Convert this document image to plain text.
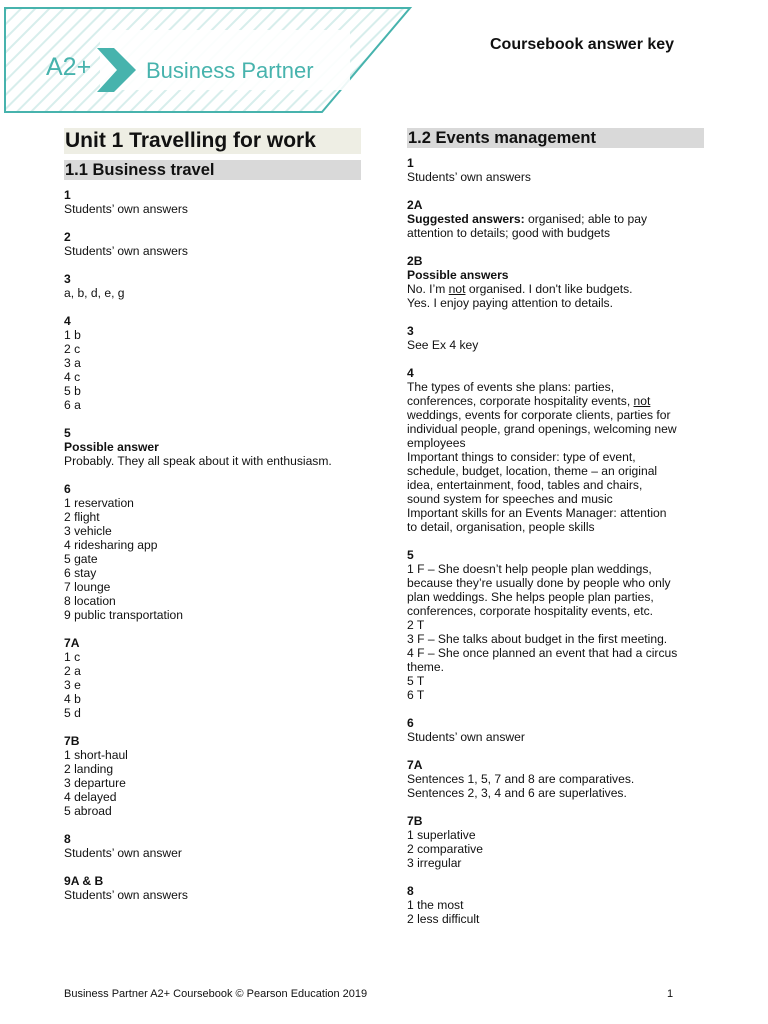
A2+ Business Partner
Coursebook answer key
Unit 1 Travelling for work
1.1 Business travel
1
Students’ own answers
2
Students’ own answers
3
a, b, d, e, g
4
1 b
2 c
3 a
4 c
5 b
6 a
5
Possible answer
Probably. They all speak about it with enthusiasm.
6
1 reservation
2 flight
3 vehicle
4 ridesharing app
5 gate
6 stay
7 lounge
8 location
9 public transportation
7A
1 c
2 a
3 e
4 b
5 d
7B
1 short-haul
2 landing
3 departure
4 delayed
5 abroad
8
Students’ own answer
9A & B
Students’ own answers
1.2 Events management
1
Students’ own answers
2A
Suggested answers: organised; able to pay
attention to details; good with budgets
2B
Possible answers
No. I’m not organised. I don't like budgets.
Yes. I enjoy paying attention to details.
3
See Ex 4 key
4
The types of events she plans: parties,
conferences, corporate hospitality events, not
weddings, events for corporate clients, parties for
individual people, grand openings, welcoming new
employees
Important things to consider: type of event,
schedule, budget, location, theme – an original
idea, entertainment, food, tables and chairs,
sound system for speeches and music
Important skills for an Events Manager: attention
to detail, organisation, people skills
5
1 F – She doesn’t help people plan weddings,
because they’re usually done by people who only
plan weddings. She helps people plan parties,
conferences, corporate hospitality events, etc.
2 T
3 F – She talks about budget in the first meeting.
4 F – She once planned an event that had a circus
theme.
5 T
6 T
6
Students’ own answer
7A
Sentences 1, 5, 7 and 8 are comparatives.
Sentences 2, 3, 4 and 6 are superlatives.
7B
1 superlative
2 comparative
3 irregular
8
1 the most
2 less difficult
Business Partner A2+ Coursebook © Pearson Education 2019	1
